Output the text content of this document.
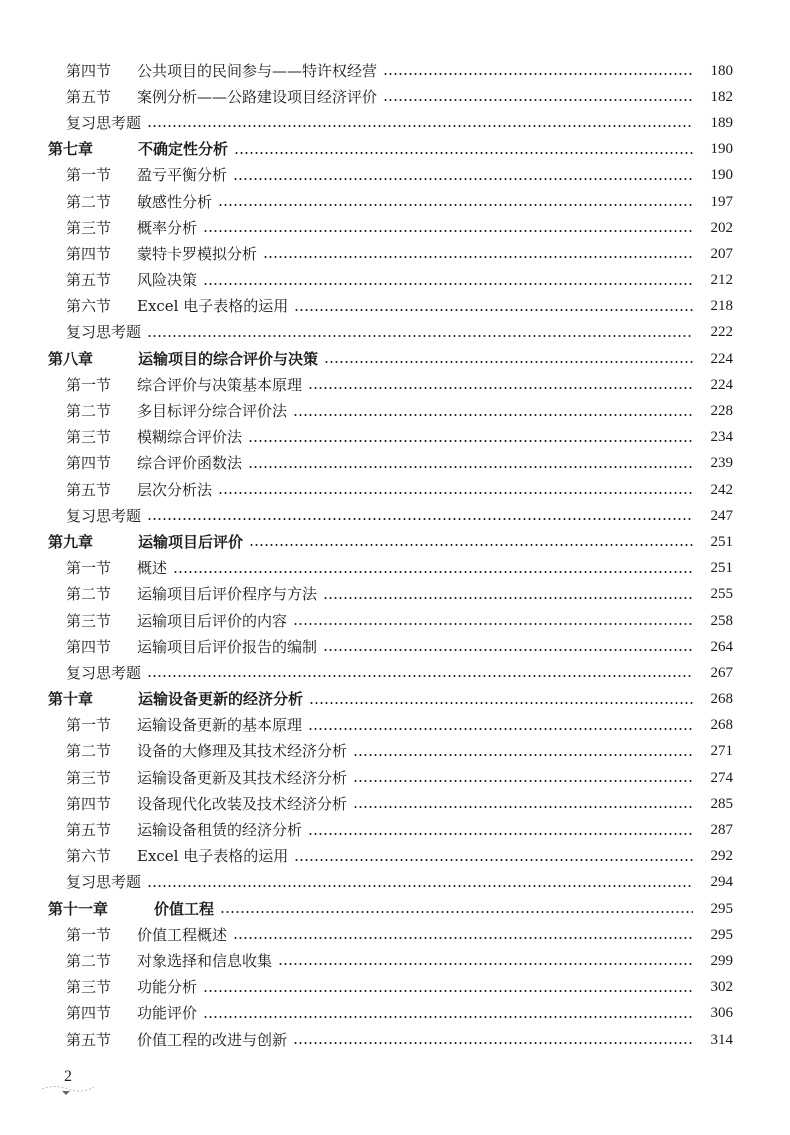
第四节	公共项目的民间参与——特许权经营	180
第五节	案例分析——公路建设项目经济评价	182
复习思考题	189
第七章	不确定性分析	190
第一节	盈亏平衡分析	190
第二节	敏感性分析	197
第三节	概率分析	202
第四节	蒙特卡罗模拟分析	207
第五节	风险决策	212
第六节	Excel 电子表格的运用	218
复习思考题	222
第八章	运输项目的综合评价与决策	224
第一节	综合评价与决策基本原理	224
第二节	多目标评分综合评价法	228
第三节	模糊综合评价法	234
第四节	综合评价函数法	239
第五节	层次分析法	242
复习思考题	247
第九章	运输项目后评价	251
第一节	概述	251
第二节	运输项目后评价程序与方法	255
第三节	运输项目后评价的内容	258
第四节	运输项目后评价报告的编制	264
复习思考题	267
第十章	运输设备更新的经济分析	268
第一节	运输设备更新的基本原理	268
第二节	设备的大修理及其技术经济分析	271
第三节	运输设备更新及其技术经济分析	274
第四节	设备现代化改装及技术经济分析	285
第五节	运输设备租赁的经济分析	287
第六节	Excel 电子表格的运用	292
复习思考题	294
第十一章	价值工程	295
第一节	价值工程概述	295
第二节	对象选择和信息收集	299
第三节	功能分析	302
第四节	功能评价	306
第五节	价值工程的改进与创新	314
2
